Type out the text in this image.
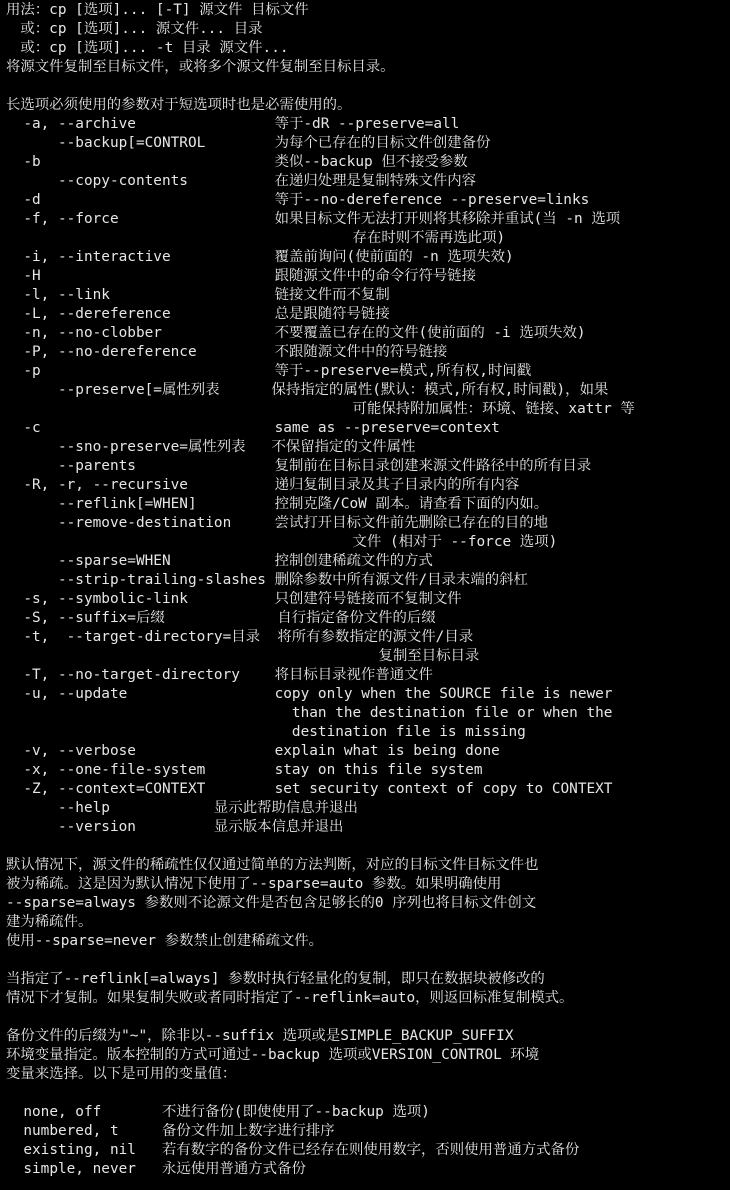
用法：cp [选项]... [-T] 源文件 目标文件
　或：cp [选项]... 源文件... 目录
　或：cp [选项]... -t 目录 源文件...
将源文件复制至目标文件，或将多个源文件复制至目标目录。
长选项必须使用的参数对于短选项时也是必需使用的。
-a, --archive                等于-dR --preserve=all
--backup[=CONTROL        为每个已存在的目标文件创建备份
-b                           类似--backup 但不接受参数
--copy-contents          在递归处理是复制特殊文件内容
-d                           等于--no-dereference --preserve=links
-f, --force                  如果目标文件无法打开则将其移除并重试(当 -n 选项
存在时则不需再选此项)
-i, --interactive            覆盖前询问(使前面的 -n 选项失效)
-H                           跟随源文件中的命令行符号链接
-l, --link                   链接文件而不复制
-L, --dereference            总是跟随符号链接
-n, --no-clobber             不要覆盖已存在的文件(使前面的 -i 选项失效)
-P, --no-dereference         不跟随源文件中的符号链接
-p                           等于--preserve=模式,所有权,时间戳
--preserve[=属性列表      保持指定的属性(默认：模式,所有权,时间戳)，如果
可能保持附加属性：环境、链接、xattr 等
-c                           same as --preserve=context
--sno-preserve=属性列表   不保留指定的文件属性
--parents                复制前在目标目录创建来源文件路径中的所有目录
-R, -r, --recursive          递归复制目录及其子目录内的所有内容
--reflink[=WHEN]         控制克隆/CoW 副本。请查看下面的内如。
--remove-destination     尝试打开目标文件前先删除已存在的目的地
文件 (相对于 --force 选项)
--sparse=WHEN            控制创建稀疏文件的方式
--strip-trailing-slashes 删除参数中所有源文件/目录末端的斜杠
-s, --symbolic-link          只创建符号链接而不复制文件
-S, --suffix=后缀             自行指定备份文件的后缀
-t,  --target-directory=目录  将所有参数指定的源文件/目录
复制至目标目录
-T, --no-target-directory    将目标目录视作普通文件
-u, --update                 copy only when the SOURCE file is newer
than the destination file or when the
destination file is missing
-v, --verbose                explain what is being done
-x, --one-file-system        stay on this file system
-Z, --context=CONTEXT        set security context of copy to CONTEXT
--help            显示此帮助信息并退出
--version         显示版本信息并退出
默认情况下，源文件的稀疏性仅仅通过简单的方法判断，对应的目标文件目标文件也
被为稀疏。这是因为默认情况下使用了--sparse=auto 参数。如果明确使用
--sparse=always 参数则不论源文件是否包含足够长的0 序列也将目标文件创文
建为稀疏件。
使用--sparse=never 参数禁止创建稀疏文件。
当指定了--reflink[=always] 参数时执行轻量化的复制，即只在数据块被修改的
情况下才复制。如果复制失败或者同时指定了--reflink=auto，则返回标准复制模式。
备份文件的后缀为"~"，除非以--suffix 选项或是SIMPLE_BACKUP_SUFFIX
环境变量指定。版本控制的方式可通过--backup 选项或VERSION_CONTROL 环境
变量来选择。以下是可用的变量值：
none, off       不进行备份(即使使用了--backup 选项)
numbered, t     备份文件加上数字进行排序
existing, nil   若有数字的备份文件已经存在则使用数字，否则使用普通方式备份
simple, never   永远使用普通方式备份
